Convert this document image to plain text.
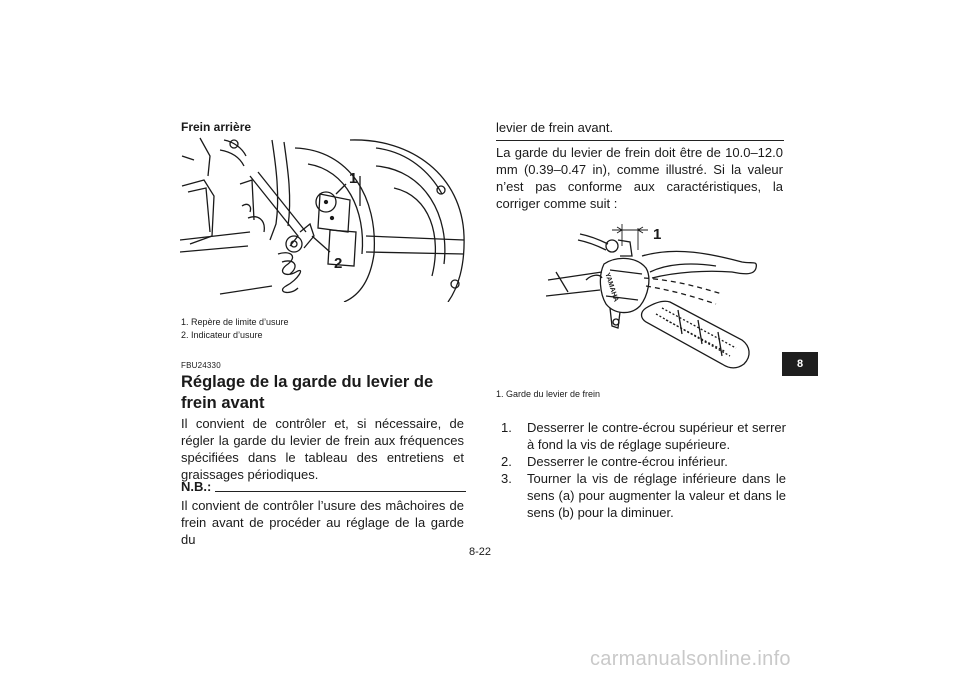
Frein arrière
1
2
1. Repère de limite d’usure
2. Indicateur d’usure
FBU24330
Réglage de la garde du levier de frein avant
Il convient de contrôler et, si nécessaire, de régler la garde du levier de frein aux fréquences spécifiées dans le tableau des entretiens et graissages périodiques.
N.B.:
Il convient de contrôler l’usure des mâchoires de frein avant de procéder au réglage de la garde du
levier de frein avant.
La garde du levier de frein doit être de 10.0–12.0 mm (0.39–0.47 in), comme illustré. Si la valeur n’est pas conforme aux caractéristiques, la corriger comme suit :
1
YAMAHA
1. Garde du levier de frein
1.	Desserrer le contre-écrou supérieur et serrer à fond la vis de réglage supérieure.
2.	Desserrer le contre-écrou inférieur.
3.	Tourner la vis de réglage inférieure dans le sens (a) pour augmenter la valeur et dans le sens (b) pour la diminuer.
8-22
8
carmanualsonline.info
